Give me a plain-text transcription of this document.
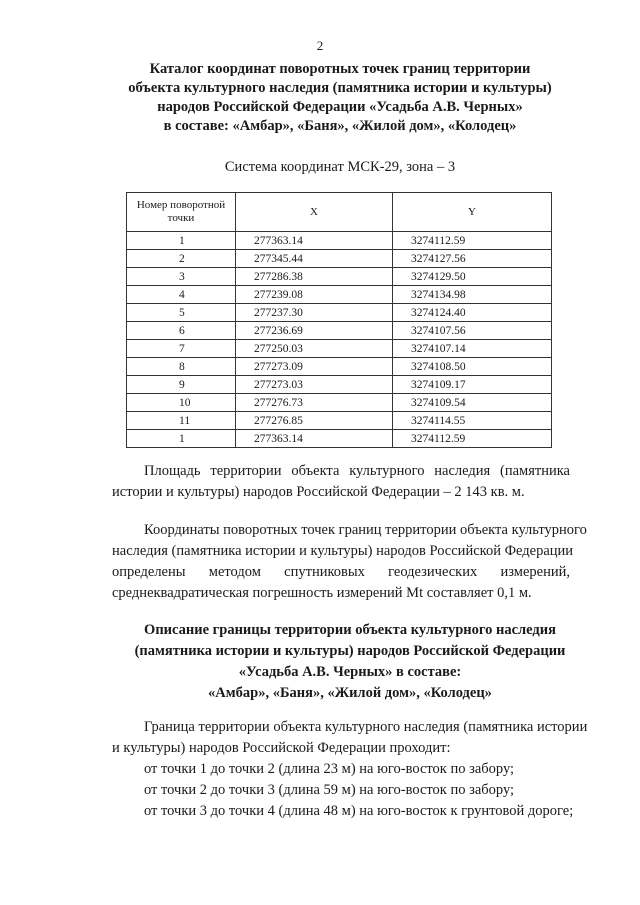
2
Каталог координат поворотных точек границ территории
объекта культурного наследия (памятника истории и культуры)
народов Российской Федерации «Усадьба А.В. Черных»
в составе: «Амбар», «Баня», «Жилой дом», «Колодец»
Система координат МСК-29, зона – 3
Номер поворотной точки	X	Y
1	277363.14	3274112.59
2	277345.44	3274127.56
3	277286.38	3274129.50
4	277239.08	3274134.98
5	277237.30	3274124.40
6	277236.69	3274107.56
7	277250.03	3274107.14
8	277273.09	3274108.50
9	277273.03	3274109.17
10	277276.73	3274109.54
11	277276.85	3274114.55
1	277363.14	3274112.59
Площадь территории объекта культурного наследия (памятника истории и культуры) народов Российской Федерации – 2 143 кв. м.
Координаты поворотных точек границ территории объекта культурного
наследия (памятника истории и культуры) народов Российской Федерации
определены методом спутниковых геодезических измерений,
среднеквадратическая погрешность измерений Mt составляет 0,1 м.
Описание границы территории объекта культурного наследия
(памятника истории и культуры) народов Российской Федерации
«Усадьба А.В. Черных» в составе:
«Амбар», «Баня», «Жилой дом», «Колодец»
Граница территории объекта культурного наследия (памятника истории
и культуры) народов Российской Федерации проходит:
от точки 1 до точки 2 (длина 23 м) на юго-восток по забору;
от точки 2 до точки 3 (длина 59 м) на юго-восток по забору;
от точки 3 до точки 4 (длина 48 м) на юго-восток к грунтовой дороге;
